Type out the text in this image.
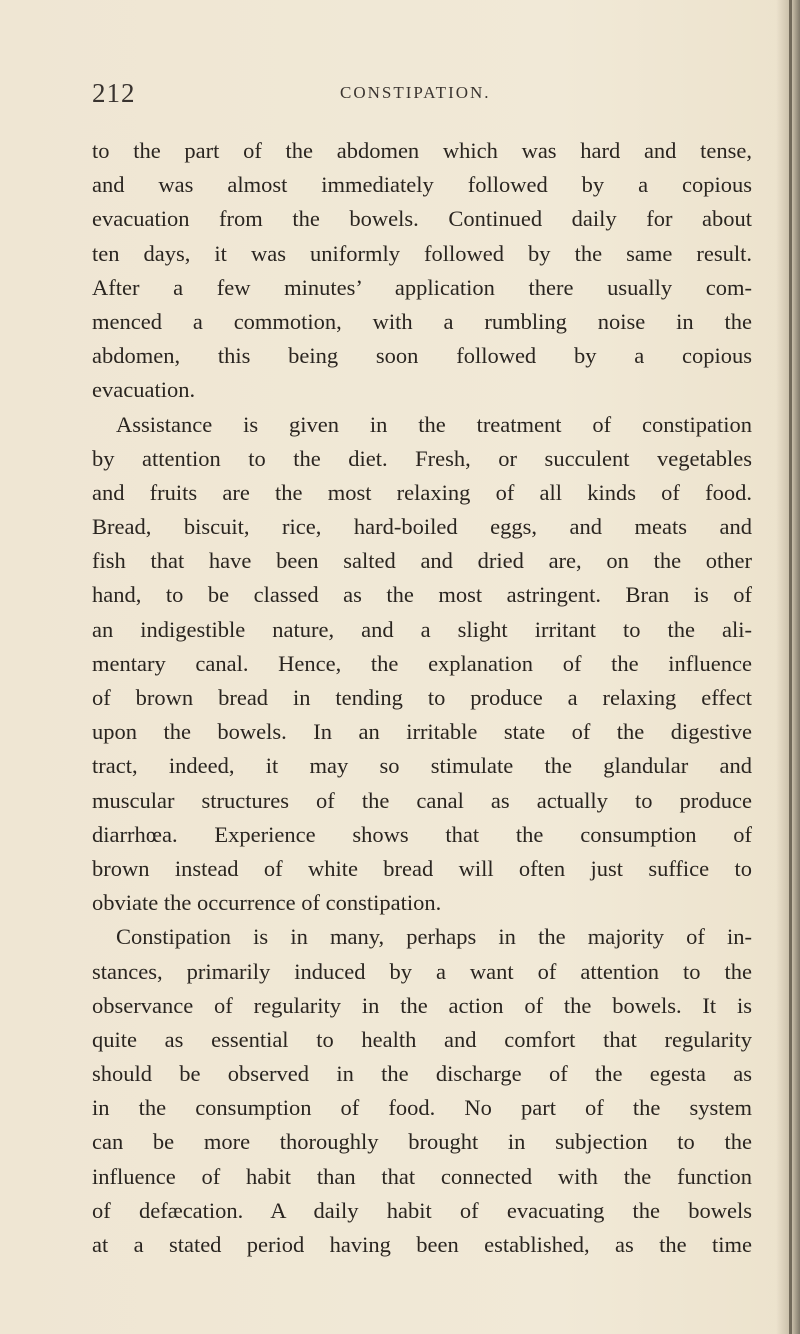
212	CONSTIPATION.
to the part of the abdomen which was hard and tense,
and was almost immediately followed by a copious
evacuation from the bowels. Continued daily for about
ten days, it was uniformly followed by the same result.
After a few minutes’ application there usually com-
menced a commotion, with a rumbling noise in the
abdomen, this being soon followed by a copious
evacuation.
Assistance is given in the treatment of constipation
by attention to the diet. Fresh, or succulent vegetables
and fruits are the most relaxing of all kinds of food.
Bread, biscuit, rice, hard-boiled eggs, and meats and
fish that have been salted and dried are, on the other
hand, to be classed as the most astringent. Bran is of
an indigestible nature, and a slight irritant to the ali-
mentary canal. Hence, the explanation of the influence
of brown bread in tending to produce a relaxing effect
upon the bowels. In an irritable state of the digestive
tract, indeed, it may so stimulate the glandular and
muscular structures of the canal as actually to produce
diarrhœa. Experience shows that the consumption of
brown instead of white bread will often just suffice to
obviate the occurrence of constipation.
Constipation is in many, perhaps in the majority of in-
stances, primarily induced by a want of attention to the
observance of regularity in the action of the bowels. It is
quite as essential to health and comfort that regularity
should be observed in the discharge of the egesta as
in the consumption of food. No part of the system
can be more thoroughly brought in subjection to the
influence of habit than that connected with the function
of defæcation. A daily habit of evacuating the bowels
at a stated period having been established, as the time
